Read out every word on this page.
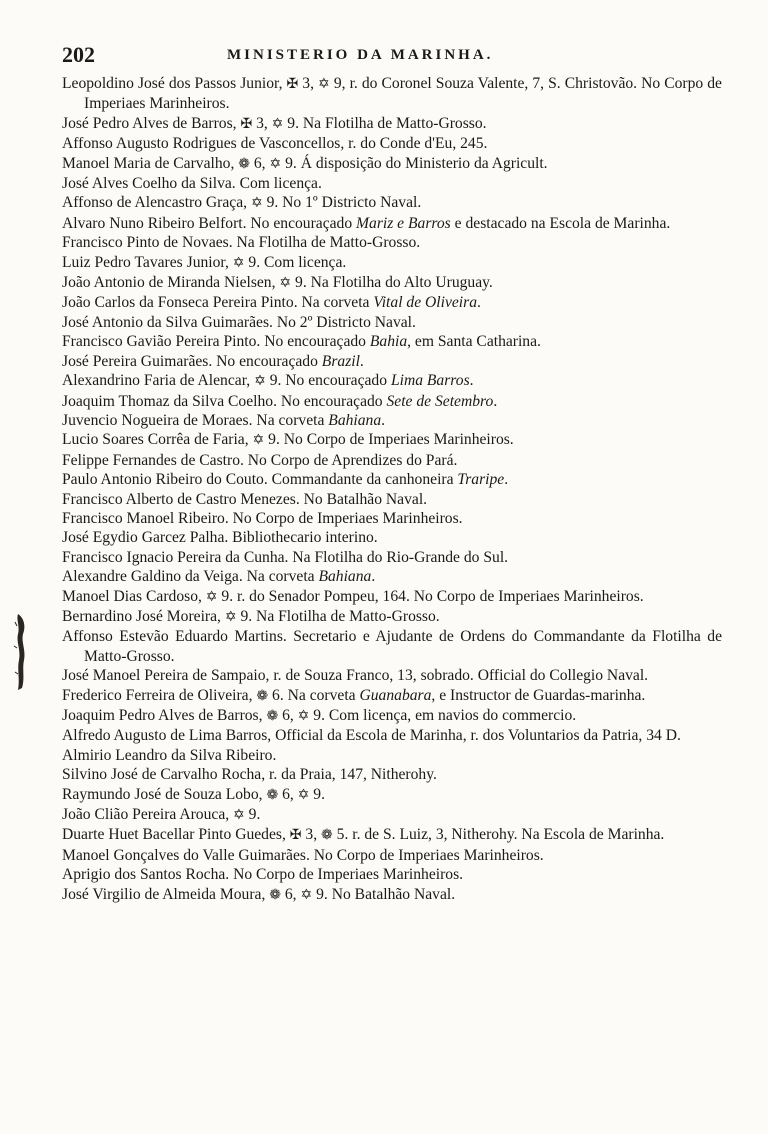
202	MINISTERIO DA MARINHA.
Leopoldino José dos Passos Junior, ✠ 3, ✡ 9, r. do Coronel Souza Valente, 7, S. Christovão. No Corpo de Imperiaes Marinheiros.
José Pedro Alves de Barros, ✠ 3, ✡ 9. Na Flotilha de Matto-Grosso.
Affonso Augusto Rodrigues de Vasconcellos, r. do Conde d'Eu, 245.
Manoel Maria de Carvalho, ❁ 6, ✡ 9. Á disposição do Ministerio da Agricult.
José Alves Coelho da Silva. Com licença.
Affonso de Alencastro Graça, ✡ 9. No 1º Districto Naval.
Alvaro Nuno Ribeiro Belfort. No encouraçado Mariz e Barros e destacado na Escola de Marinha.
Francisco Pinto de Novaes. Na Flotilha de Matto-Grosso.
Luiz Pedro Tavares Junior, ✡ 9. Com licença.
João Antonio de Miranda Nielsen, ✡ 9. Na Flotilha do Alto Uruguay.
João Carlos da Fonseca Pereira Pinto. Na corveta Vital de Oliveira.
José Antonio da Silva Guimarães. No 2º Districto Naval.
Francisco Gavião Pereira Pinto. No encouraçado Bahia, em Santa Catharina.
José Pereira Guimarães. No encouraçado Brazil.
Alexandrino Faria de Alencar, ✡ 9. No encouraçado Lima Barros.
Joaquim Thomaz da Silva Coelho. No encouraçado Sete de Setembro.
Juvencio Nogueira de Moraes. Na corveta Bahiana.
Lucio Soares Corrêa de Faria, ✡ 9. No Corpo de Imperiaes Marinheiros.
Felippe Fernandes de Castro. No Corpo de Aprendizes do Pará.
Paulo Antonio Ribeiro do Couto. Commandante da canhoneira Traripe.
Francisco Alberto de Castro Menezes. No Batalhão Naval.
Francisco Manoel Ribeiro. No Corpo de Imperiaes Marinheiros.
José Egydio Garcez Palha. Bibliothecario interino.
Francisco Ignacio Pereira da Cunha. Na Flotilha do Rio-Grande do Sul.
Alexandre Galdino da Veiga. Na corveta Bahiana.
Manoel Dias Cardoso, ✡ 9. r. do Senador Pompeu, 164. No Corpo de Imperiaes Marinheiros.
Bernardino José Moreira, ✡ 9. Na Flotilha de Matto-Grosso.
Affonso Estevão Eduardo Martins. Secretario e Ajudante de Ordens do Commandante da Flotilha de Matto-Grosso.
José Manoel Pereira de Sampaio, r. de Souza Franco, 13, sobrado. Official do Collegio Naval.
Frederico Ferreira de Oliveira, ❁ 6. Na corveta Guanabara, e Instructor de Guardas-marinha.
Joaquim Pedro Alves de Barros, ❁ 6, ✡ 9. Com licença, em navios do commercio.
Alfredo Augusto de Lima Barros, Official da Escola de Marinha, r. dos Voluntarios da Patria, 34 D.
Almirio Leandro da Silva Ribeiro.
Silvino José de Carvalho Rocha, r. da Praia, 147, Nitherohy.
Raymundo José de Souza Lobo, ❁ 6, ✡ 9.
João Clião Pereira Arouca, ✡ 9.
Duarte Huet Bacellar Pinto Guedes, ✠ 3, ❁ 5. r. de S. Luiz, 3, Nitherohy. Na Escola de Marinha.
Manoel Gonçalves do Valle Guimarães. No Corpo de Imperiaes Marinheiros.
Aprigio dos Santos Rocha. No Corpo de Imperiaes Marinheiros.
José Virgilio de Almeida Moura, ❁ 6, ✡ 9. No Batalhão Naval.
